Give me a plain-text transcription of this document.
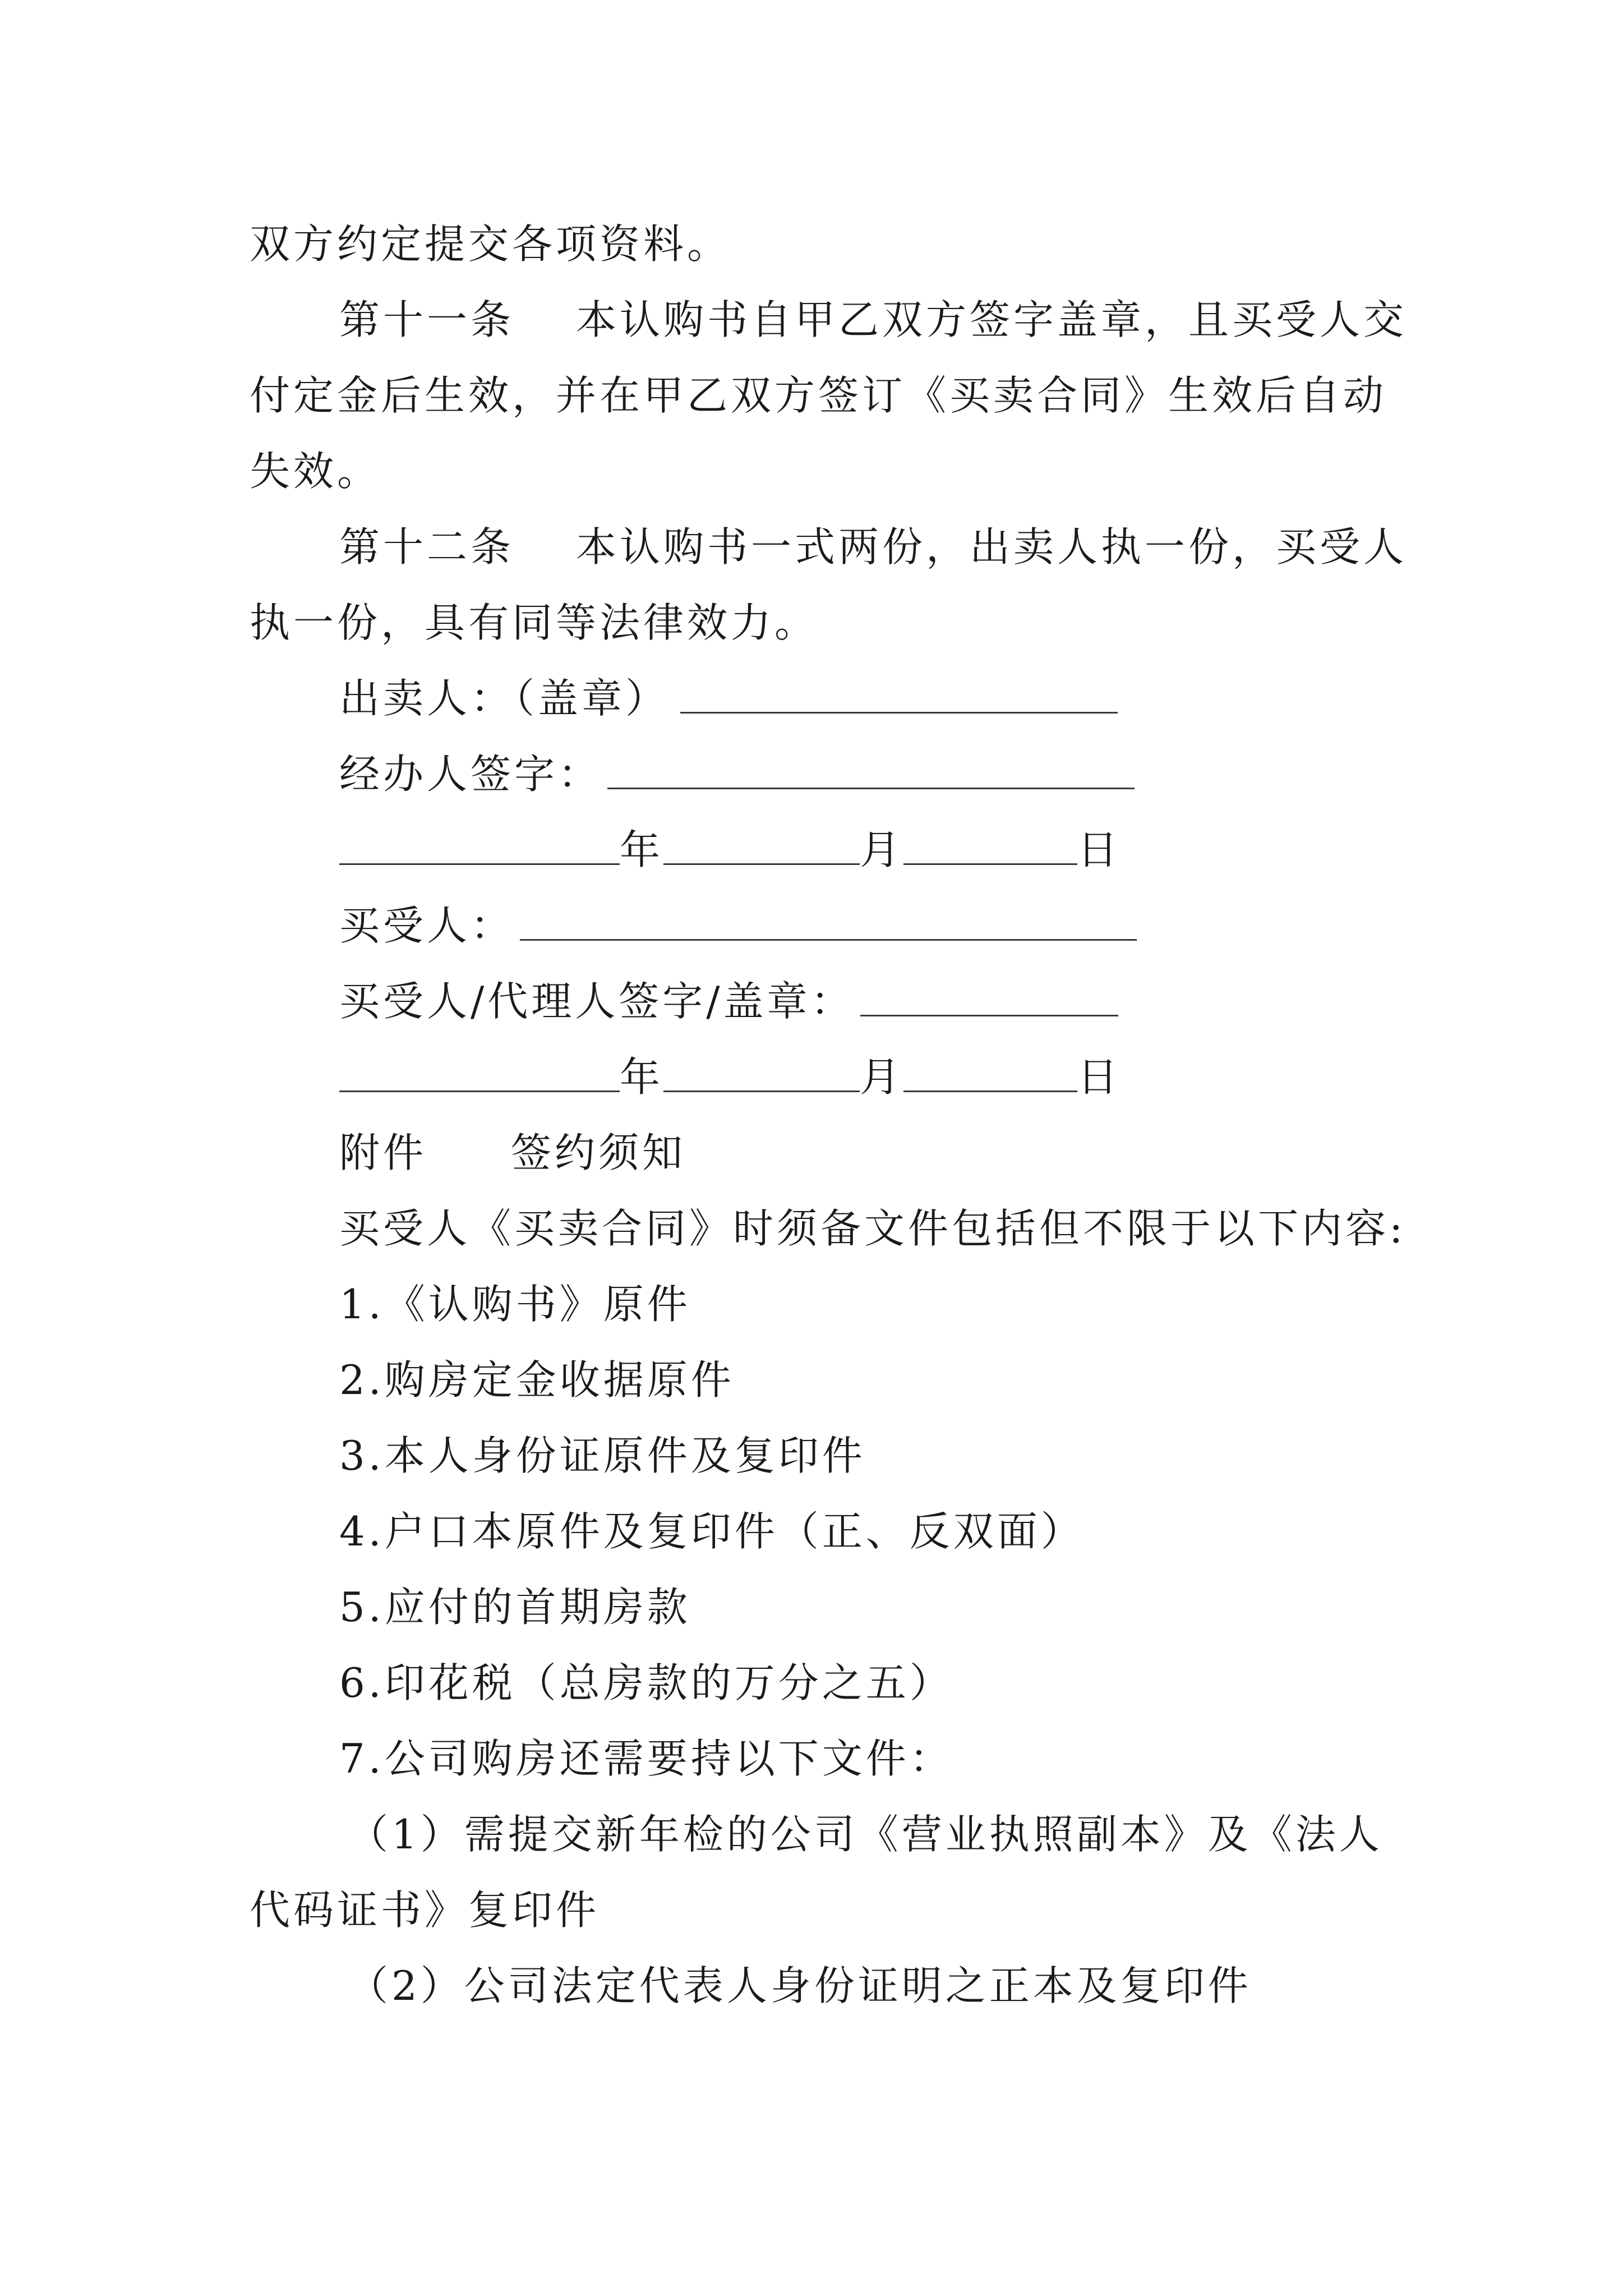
双方约定提交各项资料。
第十一条 本认购书自甲乙双方签字盖章，且买受人交
付定金后生效，并在甲乙双方签订《买卖合同》生效后自动
失效。
第十二条 本认购书一式两份，出卖人执一份，买受人
执一份，具有同等法律效力。
出卖人：（盖章）
经办人签字：
年	月	日
买受人：
买受人/代理人签字/盖章：
年	月	日
附件 签约须知
买受人《买卖合同》时须备文件包括但不限于以下内容:
1.《认购书》原件
2.购房定金收据原件
3.本人身份证原件及复印件
4.户口本原件及复印件（正、反双面）
5.应付的首期房款
6.印花税（总房款的万分之五）
7.公司购房还需要持以下文件：
（1）需提交新年检的公司《营业执照副本》及《法人
代码证书》复印件
（2）公司法定代表人身份证明之正本及复印件
